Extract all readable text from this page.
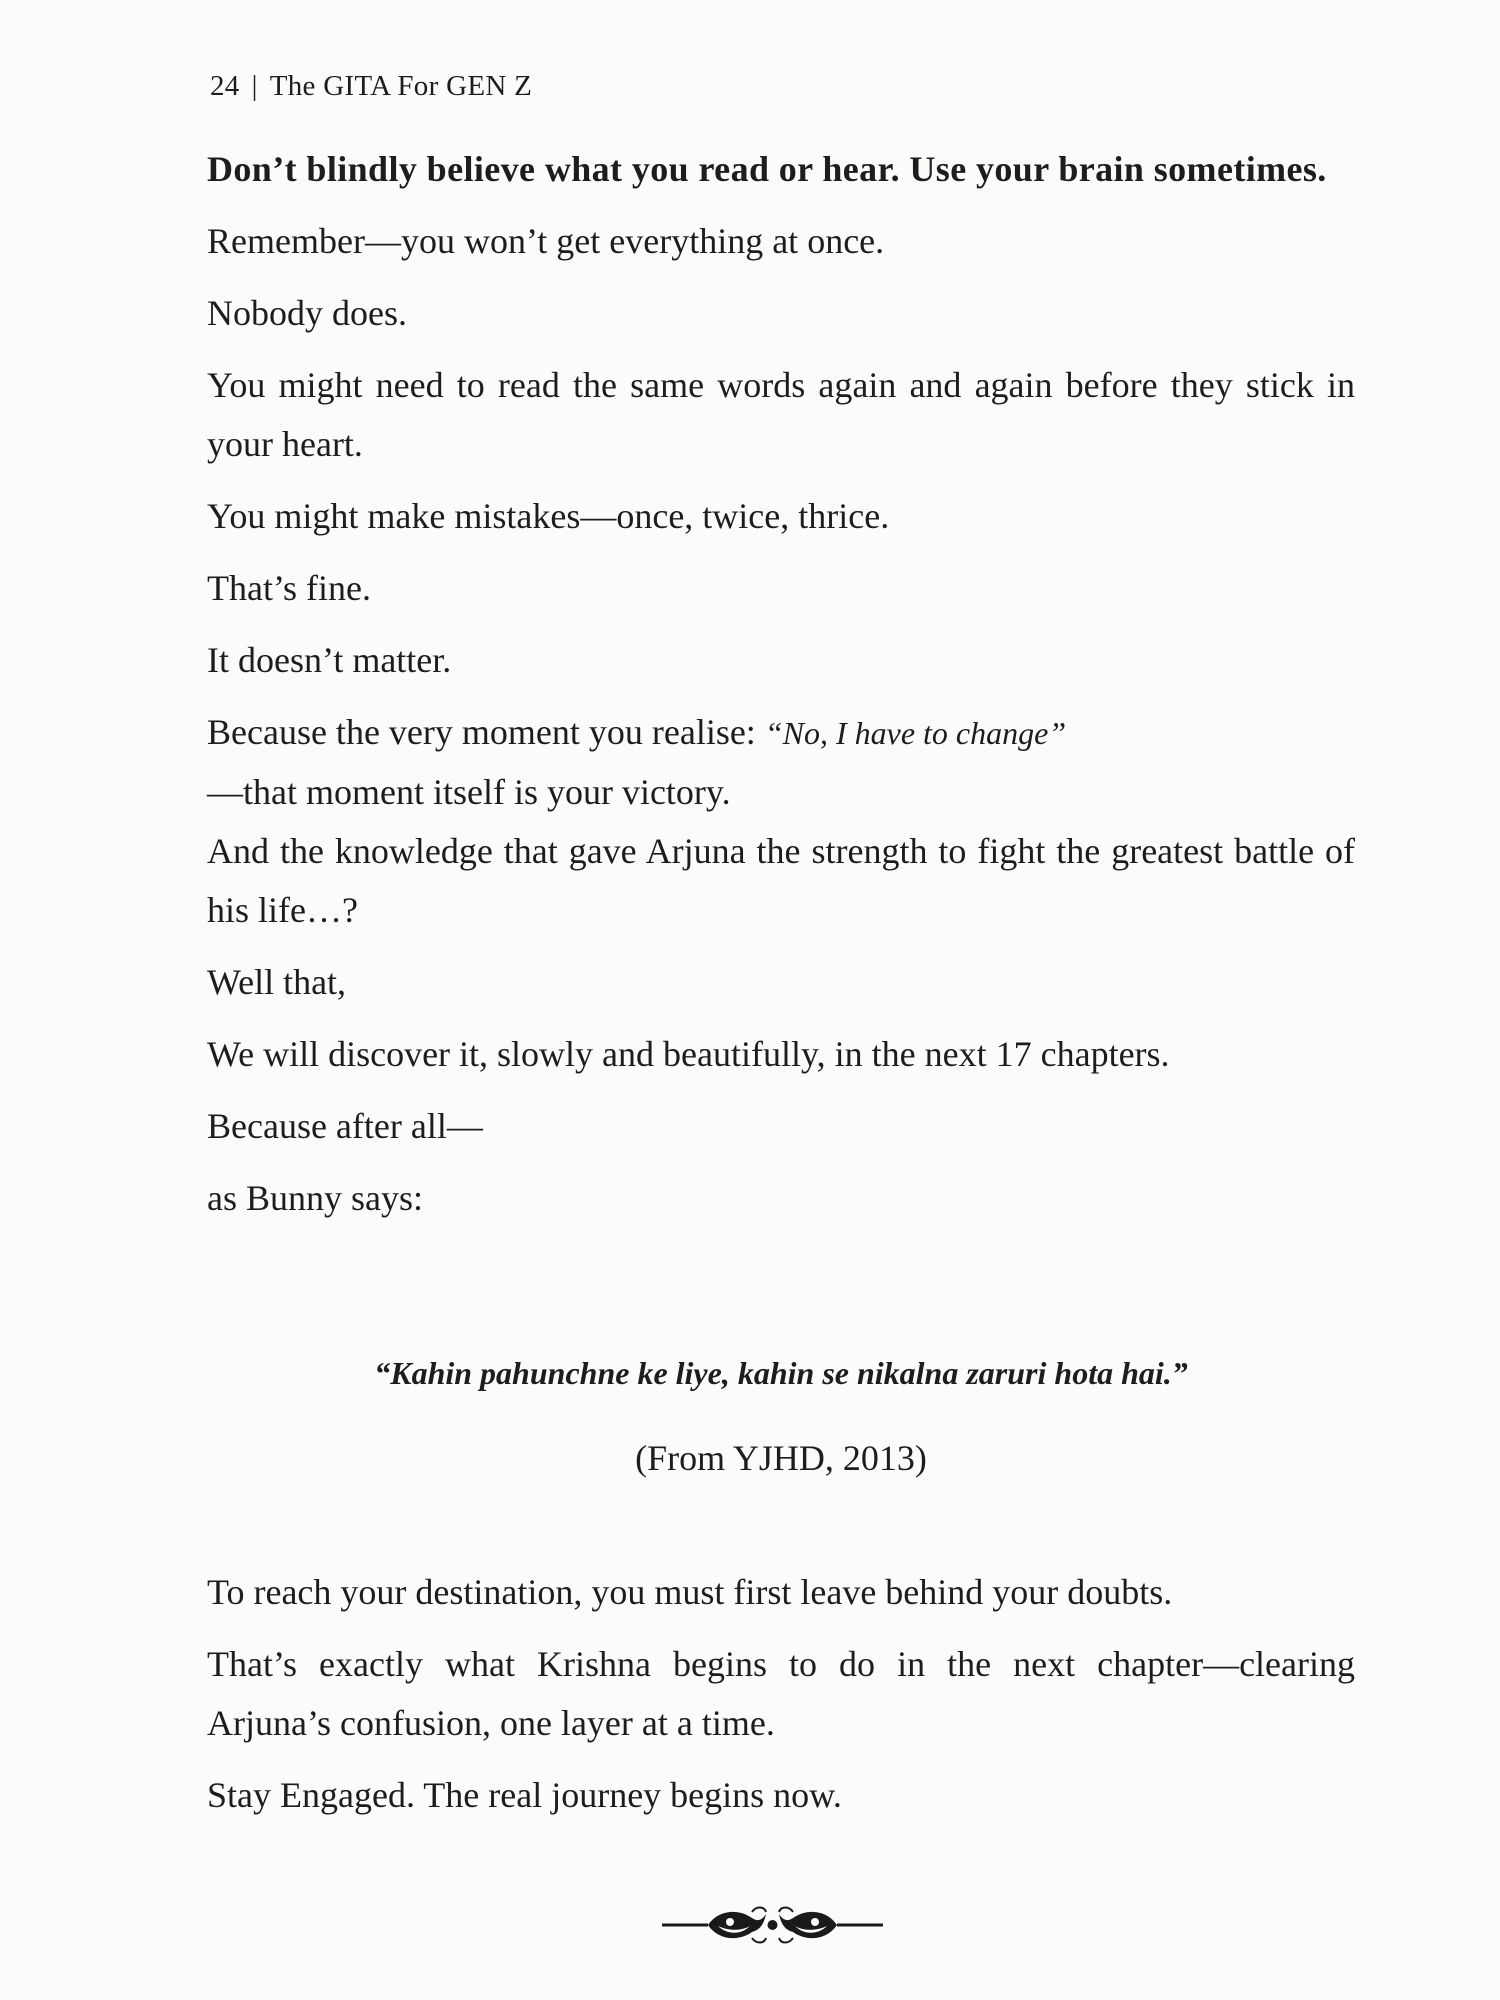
24 | The GITA For GEN Z

Don’t blindly believe what you read or hear. Use your brain sometimes.

Remember—you won’t get everything at once.

Nobody does.

You might need to read the same words again and again before they stick in your heart.

You might make mistakes—once, twice, thrice.

That’s fine.

It doesn’t matter.

Because the very moment you realise: “No, I have to change”

—that moment itself is your victory.

And the knowledge that gave Arjuna the strength to fight the greatest battle of his life…?

Well that,

We will discover it, slowly and beautifully, in the next 17 chapters.

Because after all—

as Bunny says:

“Kahin pahunchne ke liye, kahin se nikalna zaruri hota hai.”
(From YJHD, 2013)

To reach your destination, you must first leave behind your doubts.

That’s exactly what Krishna begins to do in the next chapter—clearing Arjuna’s confusion, one layer at a time.

Stay Engaged. The real journey begins now.
